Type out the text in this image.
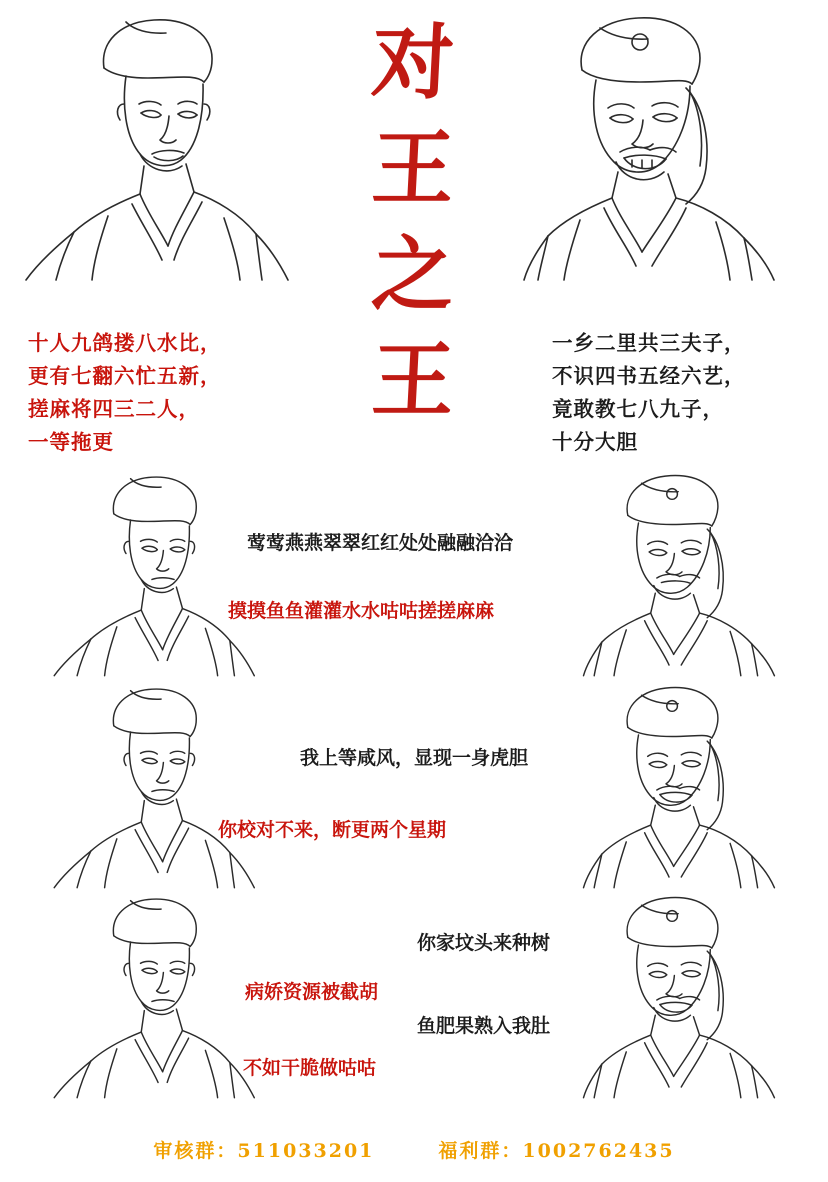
对
王
之
王
十人九鸽搂八水比，
更有七翻六忙五新，
搓麻将四三二人，
一等拖更
一乡二里共三夫子，
不识四书五经六艺，
竟敢教七八九子，
十分大胆
莺莺燕燕翠翠红红处处融融洽洽
摸摸鱼鱼灌灌水水咕咕搓搓麻麻
我上等咸风，显现一身虎胆
你校对不来，断更两个星期
你家坟头来种树
病娇资源被截胡
鱼肥果熟入我肚
不如干脆做咕咕
审核群：511033201	福利群：1002762435
